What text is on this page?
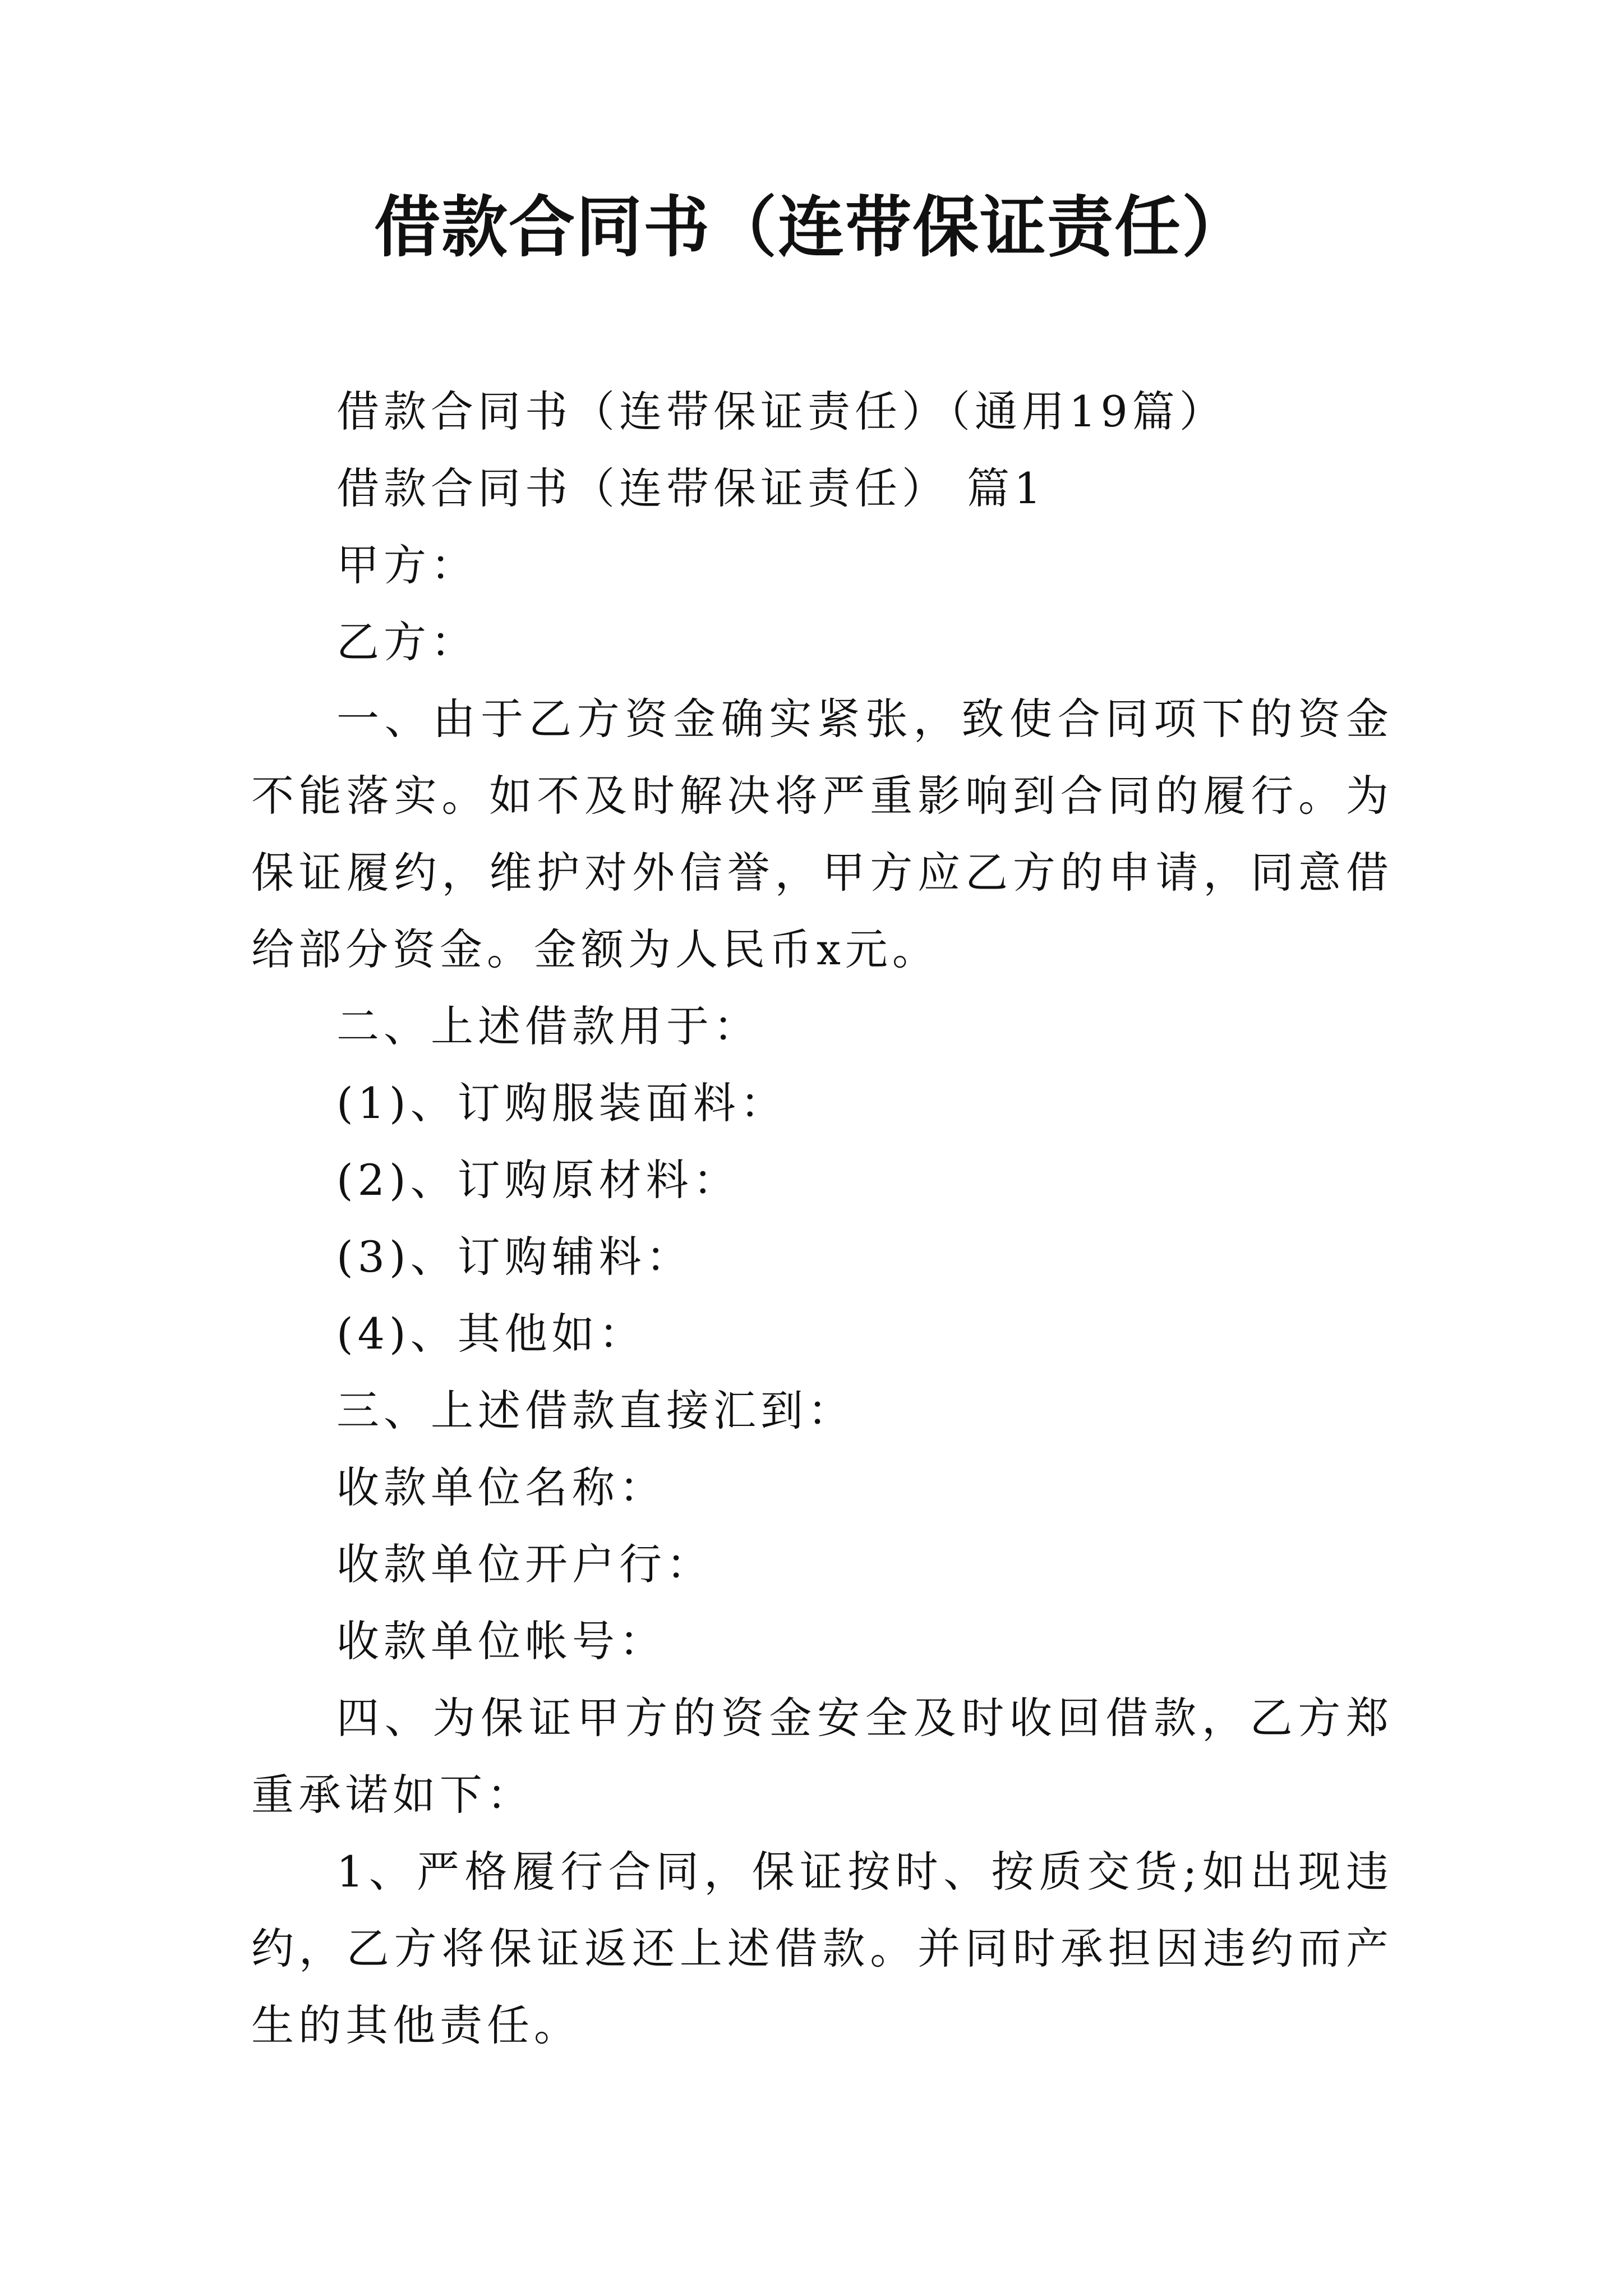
借款合同书（连带保证责任）

借款合同书（连带保证责任）（通用19篇）

借款合同书（连带保证责任） 篇1

甲方：

乙方：

一、由于乙方资金确实紧张，致使合同项下的资金不能落实。如不及时解决将严重影响到合同的履行。为保证履约，维护对外信誉，甲方应乙方的申请，同意借给部分资金。金额为人民币x元。

二、上述借款用于：

(1)、订购服装面料：

(2)、订购原材料：

(3)、订购辅料：

(4)、其他如：

三、上述借款直接汇到：

收款单位名称：

收款单位开户行：

收款单位帐号：

四、为保证甲方的资金安全及时收回借款，乙方郑重承诺如下：

1、严格履行合同，保证按时、按质交货;如出现违约，乙方将保证返还上述借款。并同时承担因违约而产生的其他责任。
